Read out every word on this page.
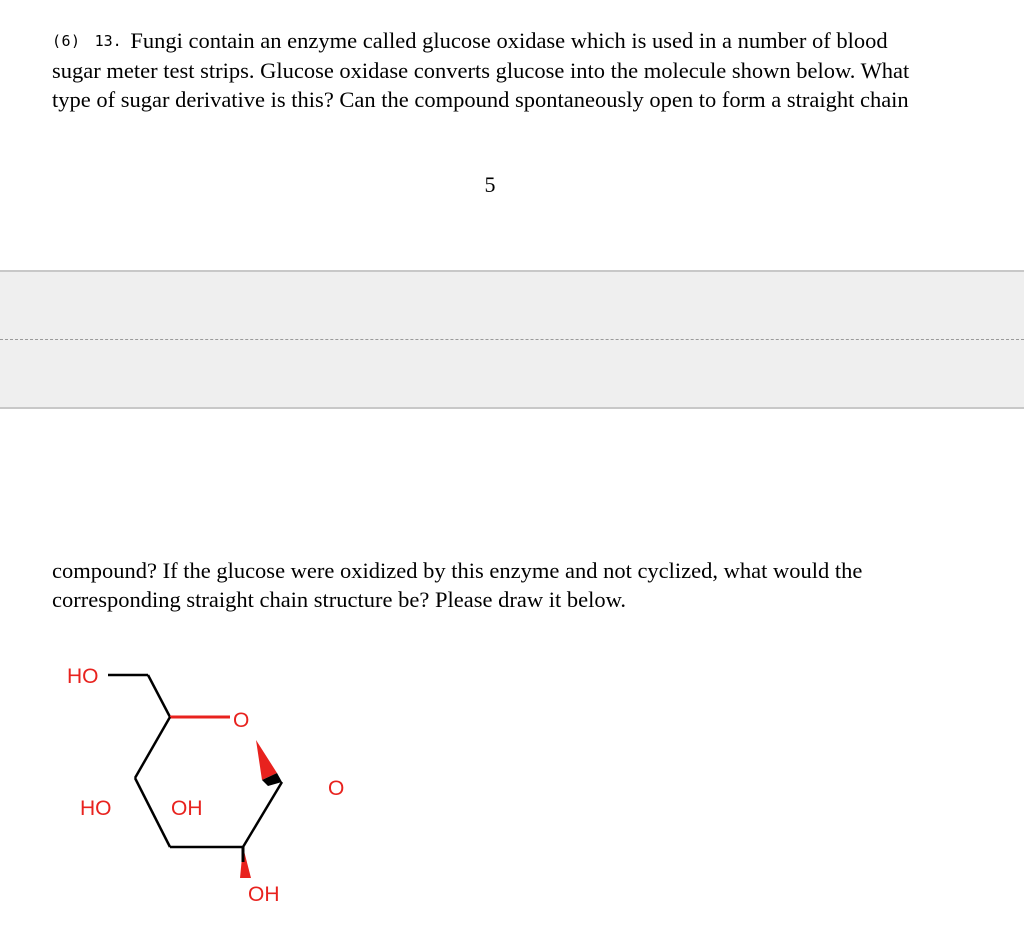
(6) 13. Fungi contain an enzyme called glucose oxidase which is used in a number of blood
sugar meter test strips. Glucose oxidase converts glucose into the molecule shown below. What
type of sugar derivative is this? Can the compound spontaneously open to form a straight chain
5
compound? If the glucose were oxidized by this enzyme and not cyclized, what would the
corresponding straight chain structure be? Please draw it below.
HO
O
O
HO	OH
OH
